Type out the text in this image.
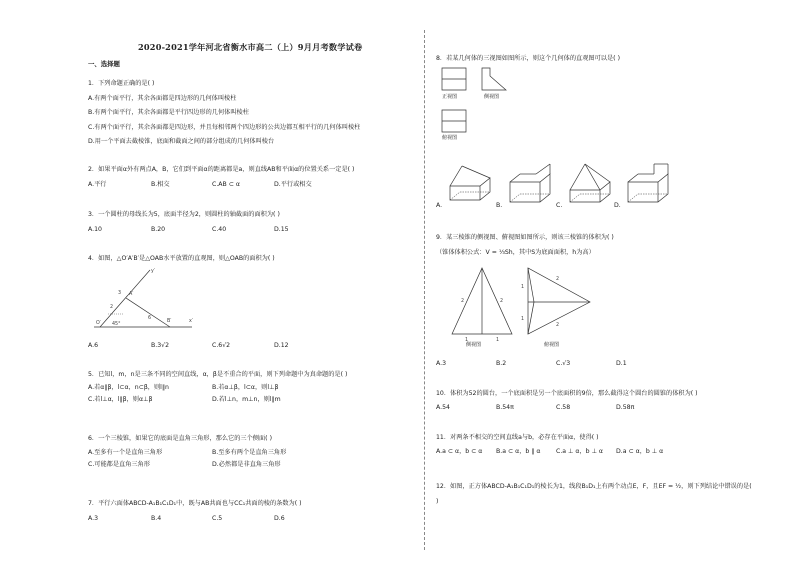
2020-2021学年河北省衡水市高二（上）9月月考数学试卷
一、选择题
1．下列命题正确的是( )
A.有两个面平行，其余各面都是四边形的几何体叫棱柱
B.有两个面平行，其余各面都是平行四边形的几何体叫棱柱
C.有两个面平行，其余各面都是四边形，并且每相邻两个四边形的公共边都互相平行的几何体叫棱柱
D.用一个平面去截棱锥，底面和截面之间的部分组成的几何体叫棱台
2．如果平面α外有两点A，B，它们到平面α的距离都是a，则直线AB和平面α的位置关系一定是( )
A.平行	B.相交	C.AB ⊂ α	D.平行或相交
3．一个圆柱的母线长为5，底面半径为2，则圆柱的轴截面的面积为( )
A.10	B.20	C.40	D.15
4．如图，△O′A′B′是△OAB水平放置的直观图，则△OAB的面积为( )
y′
x′
O′
A′
B′
3
2
6
45°
A.6	B.3√2	C.6√2	D.12
5．已知l，m，n是三条不同的空间直线，α，β是不重合的平面，则下列命题中为真命题的是( )
A.若α∥β，l⊂α，n⊂β，则l∥n	B.若α⊥β，l⊂α，则l⊥β
C.若l⊥α，l∥β，则α⊥β	D.若l⊥n，m⊥n，则l∥m
6．一个三棱锥，如果它的底面是直角三角形，那么它的三个侧面( )
A.至多有一个是直角三角形	B.至多有两个是直角三角形
C.可能都是直角三角形	D.必然都是非直角三角形
7．平行六面体ABCD-A₁B₁C₁D₁中，既与AB共面也与CC₁共面的棱的条数为( )
A.3	B.4	C.5	D.6
8．若某几何体的三视图如图所示，则这个几何体的直观图可以是( )
正视图	侧视图
俯视图
A.	B.	C.	D.
9．某三棱锥的侧视图、俯视图如图所示，则该三棱锥的体积为( )
（锥体体积公式：V = ⅓Sh，其中S为底面面积，h为高）
2	2
1	1
2
2
1
1
侧视图	俯视图
A.3	B.2	C.√3	D.1
10．体积为52的圆台，一个底面积是另一个底面积的9倍，那么截得这个圆台的圆锥的体积为( )
A.54	B.54π	C.58	D.58π
11．对两条不相交的空间直线a与b，必存在平面α，使得( )
A.a ⊂ α，b ⊂ α B.a ⊂ α，b ∥ α	C.a ⊥ α，b ⊥ α D.a ⊂ α，b ⊥ α
12．如图，正方体ABCD-A₁B₁C₁D₁的棱长为1，线段B₁D₁上有两个动点E，F，且EF = ½，则下列结论中错误的是(
)
